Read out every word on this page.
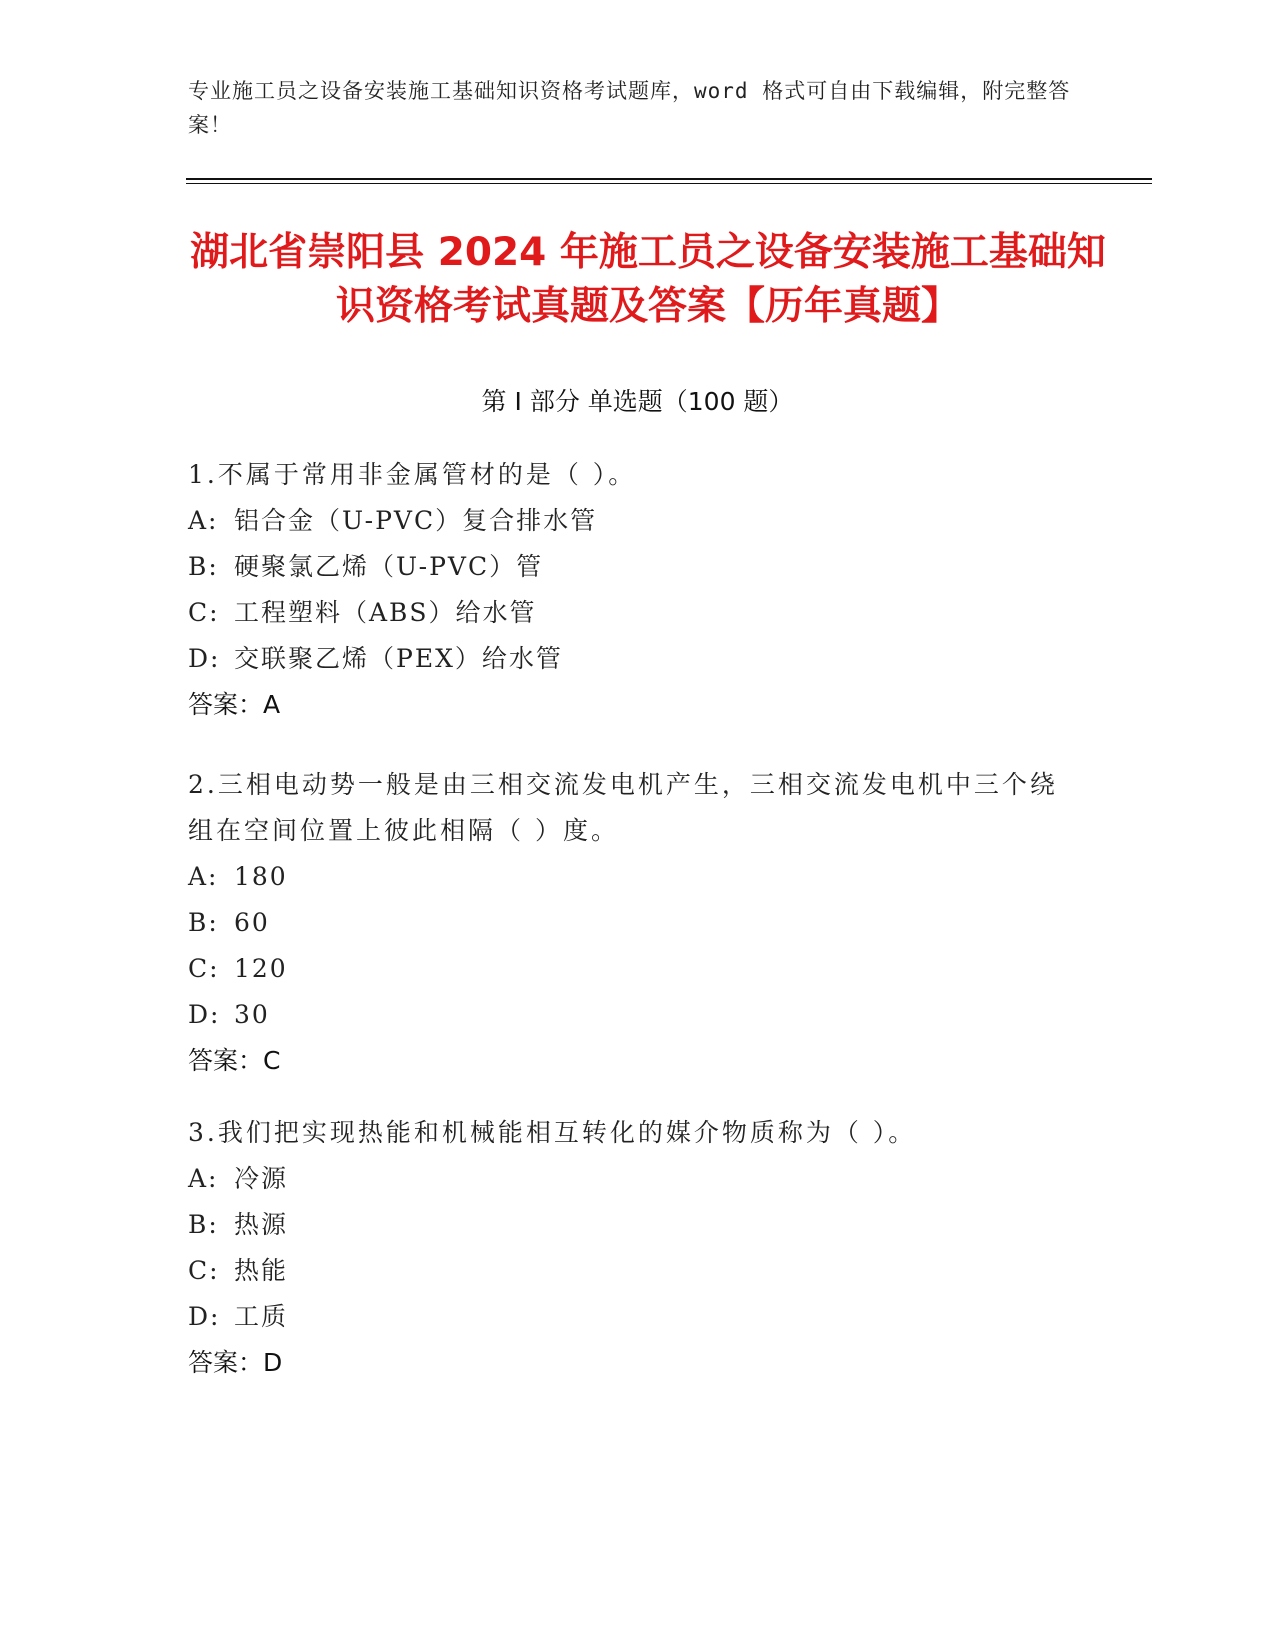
专业施工员之设备安装施工基础知识资格考试题库，word 格式可自由下载编辑，附完整答案！
湖北省崇阳县 2024 年施工员之设备安装施工基础知识资格考试真题及答案【历年真题】
第 I 部分 单选题（100 题）

1.不属于常用非金属管材的是（ ）。

A: 铝合金（U-PVC）复合排水管

B: 硬聚氯乙烯（U-PVC）管

C: 工程塑料（ABS）给水管

D: 交联聚乙烯（PEX）给水管

答案：A

2.三相电动势一般是由三相交流发电机产生，三相交流发电机中三个绕组在空间位置上彼此相隔（ ）度。

A: 180

B: 60

C: 120

D: 30

答案：C

3.我们把实现热能和机械能相互转化的媒介物质称为（ ）。

A: 冷源

B: 热源

C: 热能

D: 工质

答案：D
